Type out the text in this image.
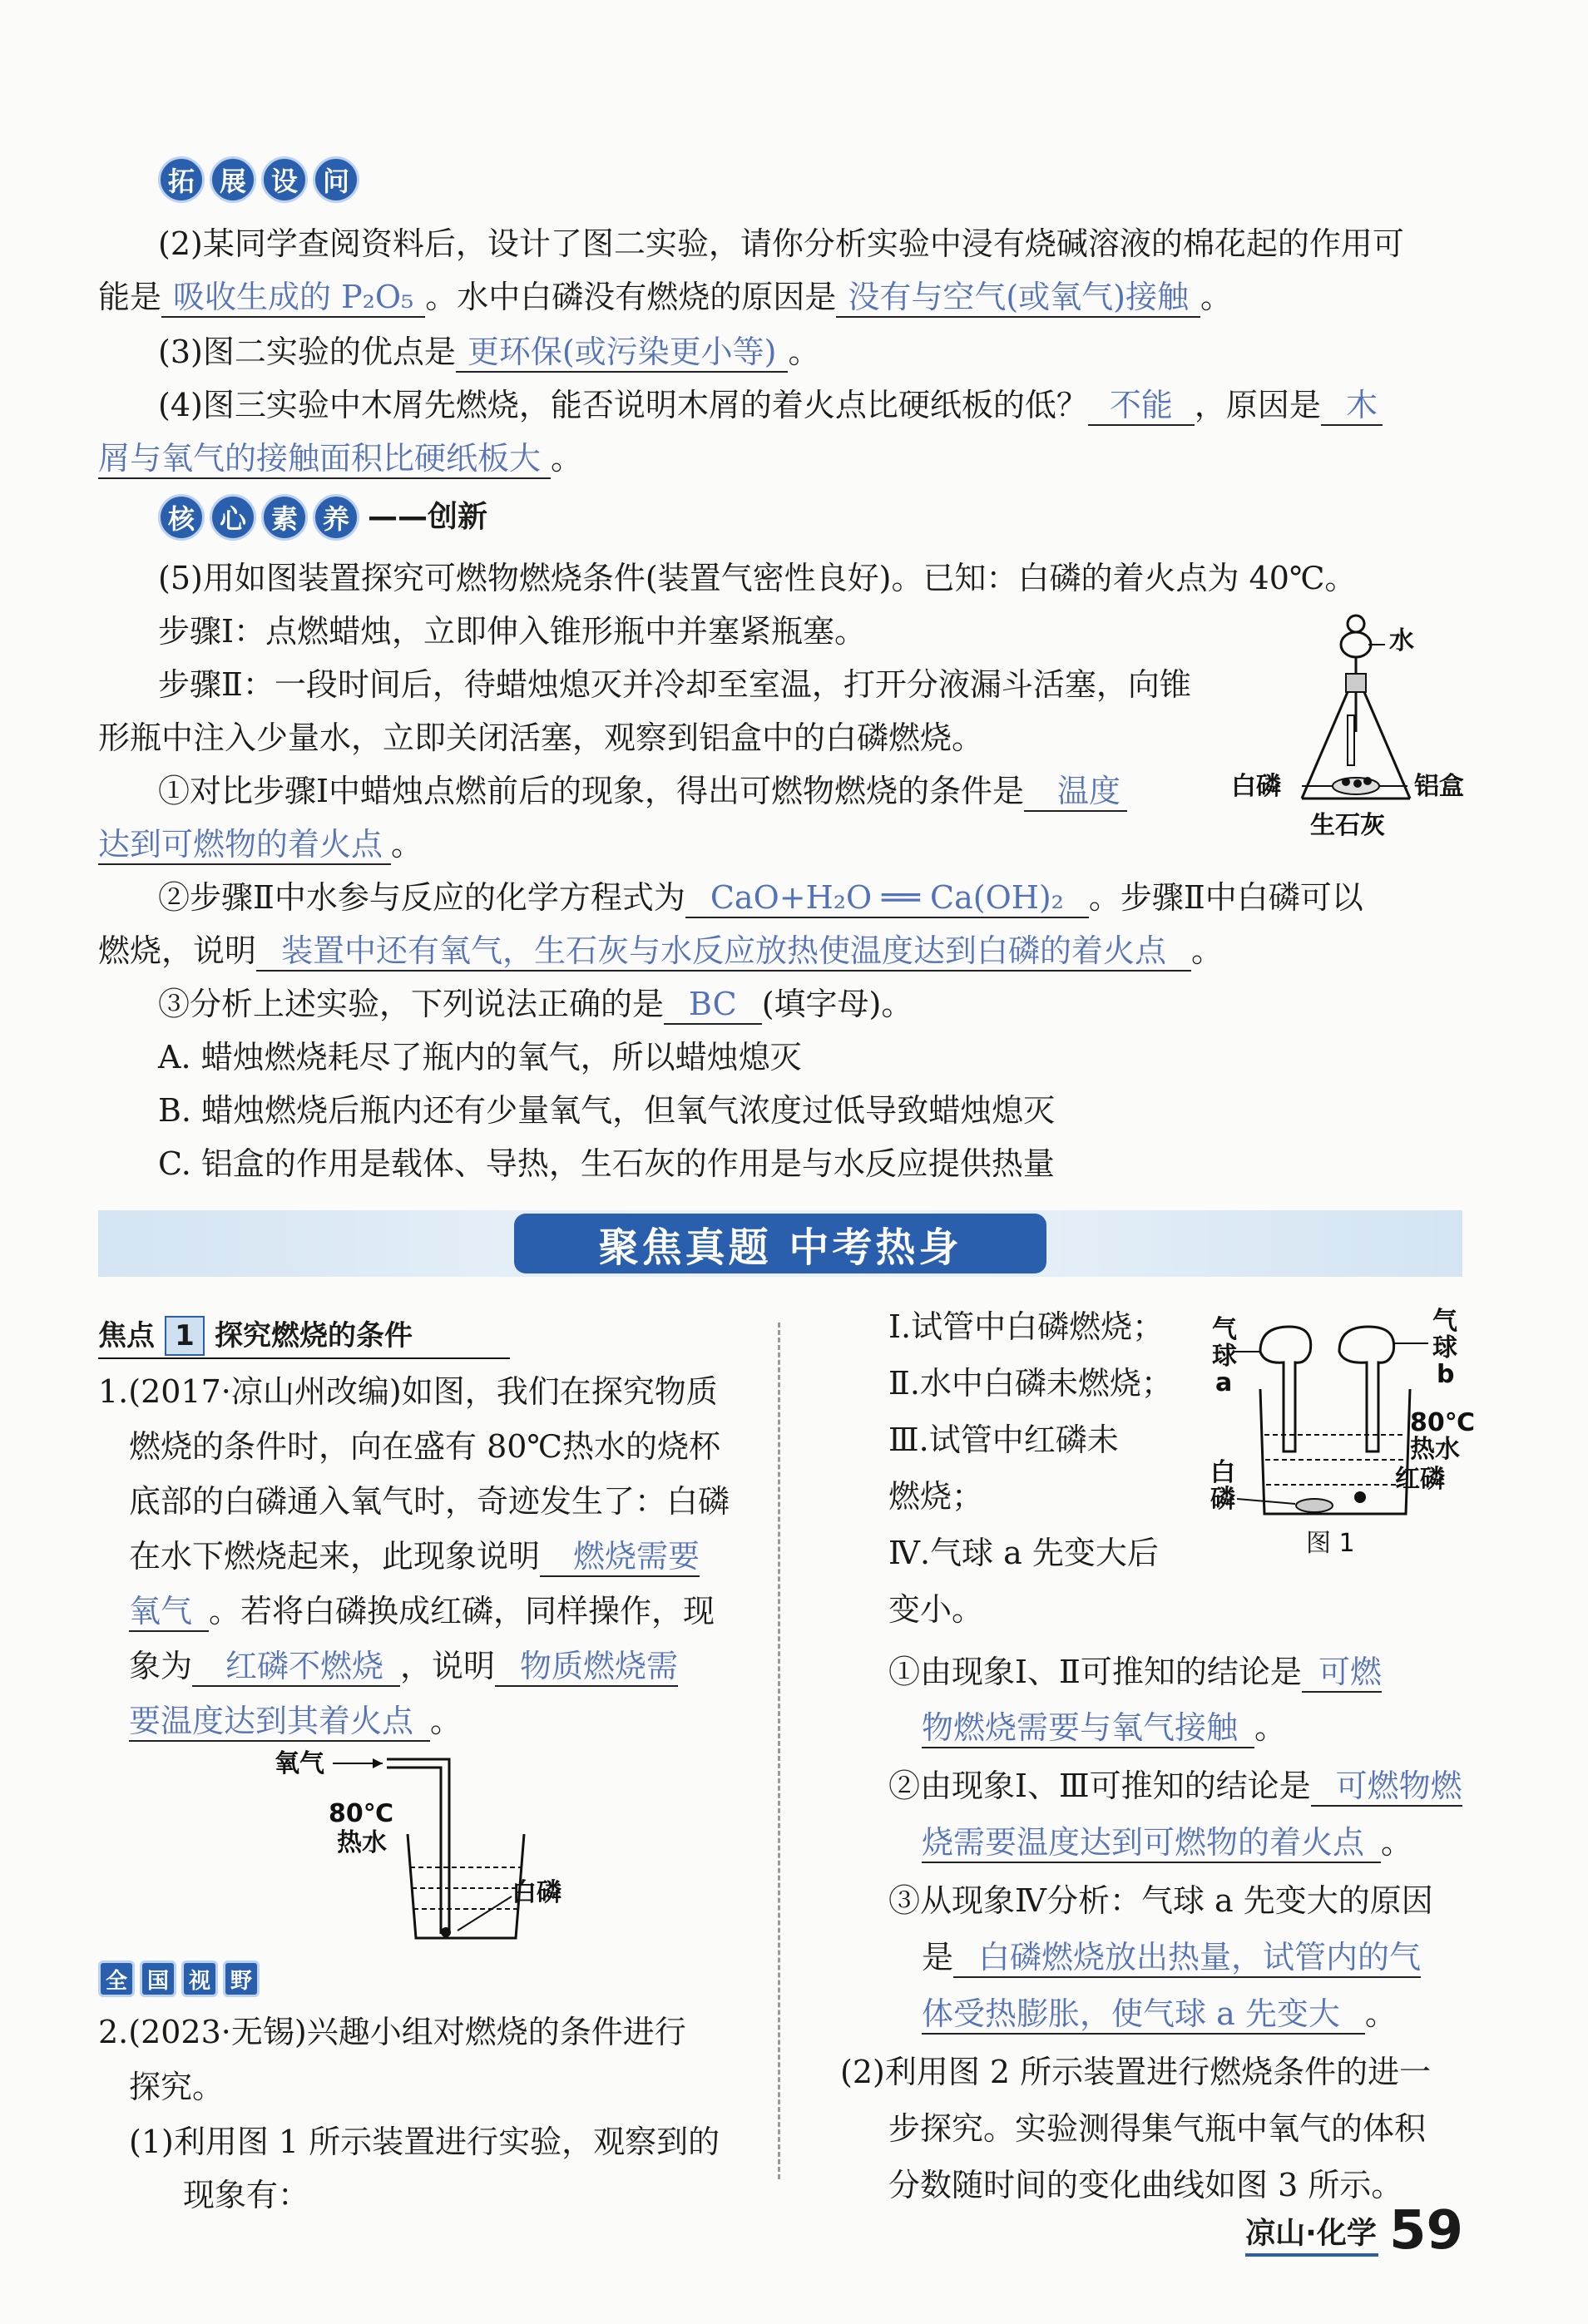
拓 展 设 问
(2)某同学查阅资料后，设计了图二实验，请你分析实验中浸有烧碱溶液的棉花起的作用可
能是 吸收生成的 P₂O₅ 。水中白磷没有燃烧的原因是 没有与空气(或氧气)接触 。
(3)图二实验的优点是 更环保(或污染更小等) 。
(4)图三实验中木屑先燃烧，能否说明木屑的着火点比硬纸板的低？ 不能 ，原因是 木
屑与氧气的接触面积比硬纸板大 。
核 心 素 养 ——创新
(5)用如图装置探究可燃物燃烧条件(装置气密性良好)。已知：白磷的着火点为 40℃。
步骤Ⅰ：点燃蜡烛，立即伸入锥形瓶中并塞紧瓶塞。
步骤Ⅱ：一段时间后，待蜡烛熄灭并冷却至室温，打开分液漏斗活塞，向锥
形瓶中注入少量水，立即关闭活塞，观察到铝盒中的白磷燃烧。
①对比步骤Ⅰ中蜡烛点燃前后的现象，得出可燃物燃烧的条件是 温度
达到可燃物的着火点 。
②步骤Ⅱ中水参与反应的化学方程式为 CaO+H₂O ══ Ca(OH)₂ 。步骤Ⅱ中白磷可以
燃烧，说明 装置中还有氧气，生石灰与水反应放热使温度达到白磷的着火点 。
③分析上述实验，下列说法正确的是 BC (填字母)。
A. 蜡烛燃烧耗尽了瓶内的氧气，所以蜡烛熄灭
B. 蜡烛燃烧后瓶内还有少量氧气，但氧气浓度过低导致蜡烛熄灭
C. 铝盒的作用是载体、导热，生石灰的作用是与水反应提供热量
水
白磷	铝盒
生石灰
聚焦真题 中考热身
焦点 1 探究燃烧的条件
1.(2017·凉山州改编)如图，我们在探究物质
燃烧的条件时，向在盛有 80℃热水的烧杯
底部的白磷通入氧气时，奇迹发生了：白磷
在水下燃烧起来，此现象说明 燃烧需要
氧气 。若将白磷换成红磷，同样操作，现
象为 红磷不燃烧 ，说明 物质燃烧需
要温度达到其着火点 。
氧气
80℃
热水
白磷
全 国 视 野
2.(2023·无锡)兴趣小组对燃烧的条件进行
探究。
(1)利用图 1 所示装置进行实验，观察到的
现象有：
Ⅰ.试管中白磷燃烧；
Ⅱ.水中白磷未燃烧；
Ⅲ.试管中红磷未
燃烧；
Ⅳ.气球 a 先变大后
变小。
气
球
a
气
球
b
80℃
热水
红磷
白
磷
图 1
①由现象Ⅰ、Ⅱ可推知的结论是 可燃
物燃烧需要与氧气接触 。
②由现象Ⅰ、Ⅲ可推知的结论是 可燃物燃
烧需要温度达到可燃物的着火点 。
③从现象Ⅳ分析：气球 a 先变大的原因
是 白磷燃烧放出热量，试管内的气
体受热膨胀，使气球 a 先变大 。
(2)利用图 2 所示装置进行燃烧条件的进一
步探究。实验测得集气瓶中氧气的体积
分数随时间的变化曲线如图 3 所示。
凉山·化学 59
